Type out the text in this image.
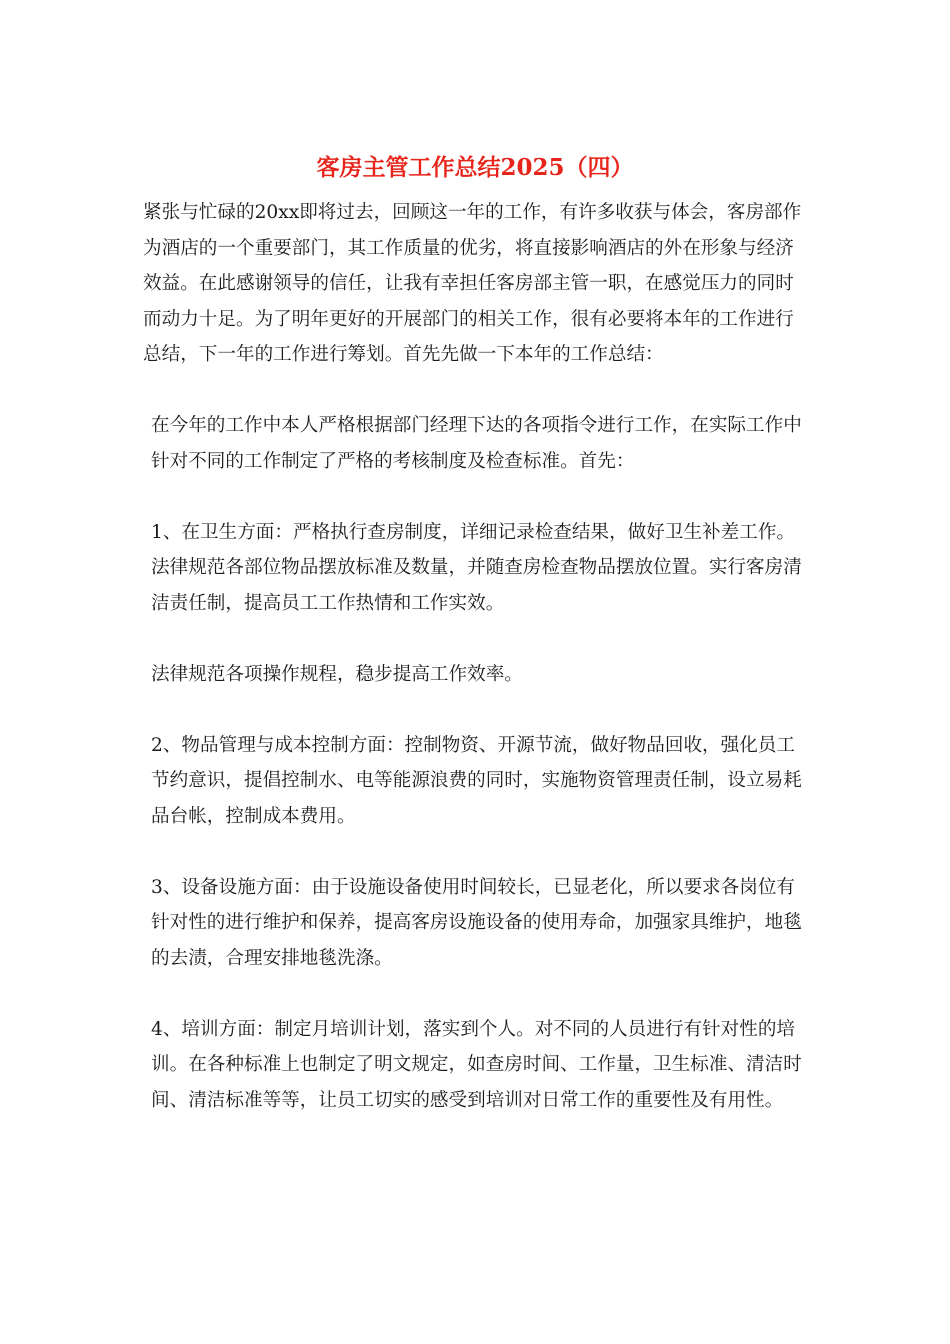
客房主管工作总结2025（四）

紧张与忙碌的20xx即将过去，回顾这一年的工作，有许多收获与体会，客房部作为酒店的一个重要部门，其工作质量的优劣，将直接影响酒店的外在形象与经济效益。在此感谢领导的信任，让我有幸担任客房部主管一职，在感觉压力的同时而动力十足。为了明年更好的开展部门的相关工作，很有必要将本年的工作进行总结，下一年的工作进行筹划。首先先做一下本年的工作总结：

在今年的工作中本人严格根据部门经理下达的各项指令进行工作，在实际工作中针对不同的工作制定了严格的考核制度及检查标准。首先：

1、在卫生方面：严格执行查房制度，详细记录检查结果，做好卫生补差工作。法律规范各部位物品摆放标准及数量，并随查房检查物品摆放位置。实行客房清洁责任制，提高员工工作热情和工作实效。

法律规范各项操作规程，稳步提高工作效率。

2、物品管理与成本控制方面：控制物资、开源节流，做好物品回收，强化员工节约意识，提倡控制水、电等能源浪费的同时，实施物资管理责任制，设立易耗品台帐，控制成本费用。

3、设备设施方面：由于设施设备使用时间较长，已显老化，所以要求各岗位有针对性的进行维护和保养，提高客房设施设备的使用寿命，加强家具维护，地毯的去渍，合理安排地毯洗涤。

4、培训方面：制定月培训计划，落实到个人。对不同的人员进行有针对性的培训。在各种标准上也制定了明文规定，如查房时间、工作量，卫生标准、清洁时间、清洁标准等等，让员工切实的感受到培训对日常工作的重要性及有用性。
